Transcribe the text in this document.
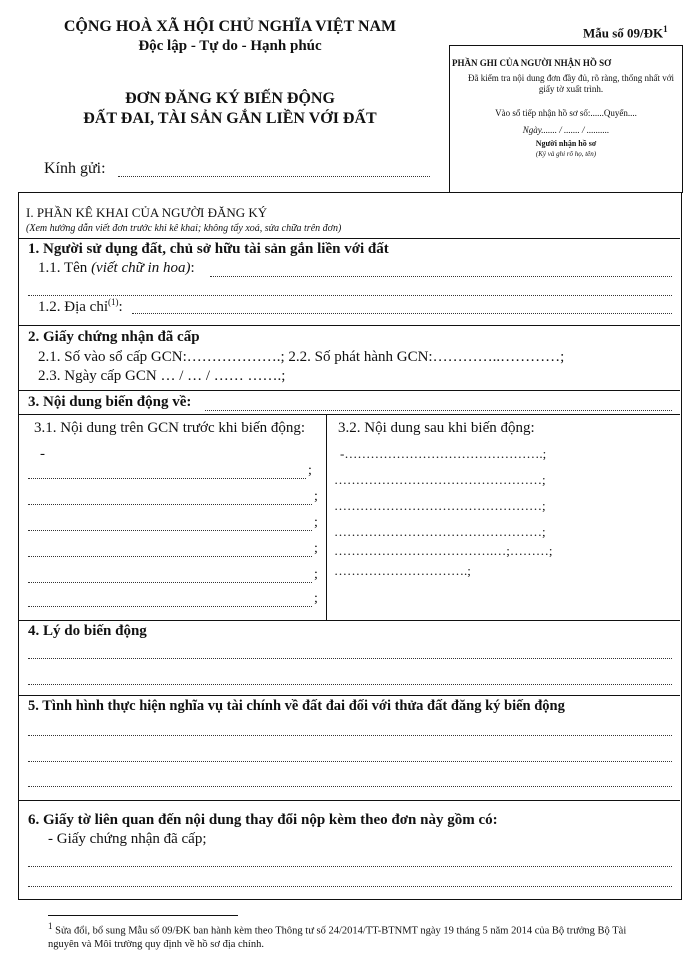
CỘNG HOÀ XÃ HỘI CHỦ NGHĨA VIỆT NAM
Độc lập - Tự do - Hạnh phúc
Mẫu số $09/ĐK^1$
PHẦN GHI CỦA NGƯỜI NHẬN HỒ SƠ
Đã kiểm tra nội dung đơn đầy đủ, rõ ràng, thống nhất với giấy tờ xuất trình.
Vào sổ tiếp nhận hồ sơ số:......Quyển....
Ngày....... / ....... / ..........
Người nhận hồ sơ
(Ký và ghi rõ họ, tên)
ĐƠN ĐĂNG KÝ BIẾN ĐỘNG
ĐẤT ĐAI, TÀI SẢN GẮN LIỀN VỚI ĐẤT
Kính gửi:
I. PHẦN KÊ KHAI CỦA NGƯỜI ĐĂNG KÝ
(Xem hướng dẫn viết đơn trước khi kê khai; không tẩy xoá, sửa chữa trên đơn)
1. Người sử dụng đất, chủ sở hữu tài sản gắn liền với đất
1.1. Tên (viết chữ in hoa):
1.2. Địa chỉ$^{(1)}$:
2. Giấy chứng nhận đã cấp
2.1. Số vào sổ cấp GCN:……………….; 2.2. Số phát hành GCN:…………..…………;
2.3. Ngày cấp GCN … / … / …… …….;
3. Nội dung biến động về:
3.1. Nội dung trên GCN trước khi biến động:
-
;
;
;
;
;
;
3.2. Nội dung sau khi biến động:
-……………………………………….;
…………………………………………;
…………………………………………;
…………………………………………;
……………………………….…;………;
………………………….;
4. Lý do biến động
5. Tình hình thực hiện nghĩa vụ tài chính về đất đai đối với thửa đất đăng ký biến động
6. Giấy tờ liên quan đến nội dung thay đổi nộp kèm theo đơn này gồm có:
- Giấy chứng nhận đã cấp;
1 Sửa đổi, bổ sung Mẫu số 09/ĐK ban hành kèm theo Thông tư số 24/2014/TT-BTNMT ngày 19 tháng 5 năm 2014 của Bộ trưởng Bộ Tài nguyên và Môi trường quy định về hồ sơ địa chính.
